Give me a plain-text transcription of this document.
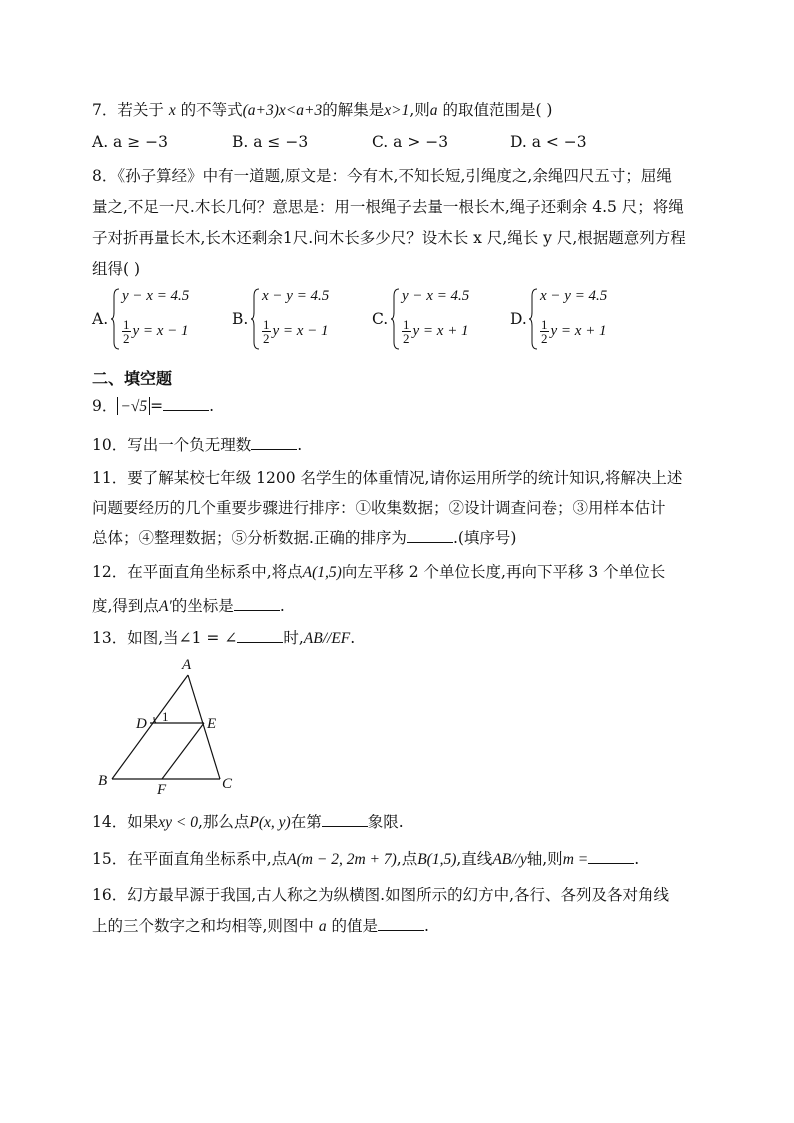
7．若关于 x 的不等式(a+3)x<a+3的解集是x>1,则a 的取值范围是( )
A. a ≥ −3	B. a ≤ −3	C. a > −3	D. a < −3
8．《孙子算经》中有一道题,原文是：今有木,不知长短,引绳度之,余绳四尺五寸；屈绳
量之,不足一尺.木长几何？意思是：用一根绳子去量一根长木,绳子还剩余 4.5 尺；将绳
子对折再量长木,长木还剩余1尺.问木长多少尺？设木长 x 尺,绳长 y 尺,根据题意列方程
组得( )
A.
y − x = 4.5
$\frac{1}{2}$ y = x − 1
B.
x − y = 4.5
$\frac{1}{2}$ y = x − 1
C.
y − x = 4.5
$\frac{1}{2}$ y = x + 1
D.
x − y = 4.5
$\frac{1}{2}$ y = x + 1
二、填空题
9． −√5 =	.
10．写出一个负无理数	.
11．要了解某校七年级 1200 名学生的体重情况,请你运用所学的统计知识,将解决上述
问题要经历的几个重要步骤进行排序：①收集数据；②设计调查问卷；③用样本估计
总体；④整理数据；⑤分析数据.正确的排序为	.(填序号)
12．在平面直角坐标系中,将点A(1,5)向左平移 2 个单位长度,再向下平移 3 个单位长
度,得到点A′的坐标是	.
13．如图,当∠1 = ∠	时,AB//EF.
A
D 1	E
B
F	C
14．如果xy < 0,那么点P(x, y)在第	象限.
15．在平面直角坐标系中,点A(m − 2, 2m + 7),点B(1,5),直线AB//y轴,则m =	.
16．幻方最早源于我国,古人称之为纵横图.如图所示的幻方中,各行、各列及各对角线
上的三个数字之和均相等,则图中 a 的值是	.
